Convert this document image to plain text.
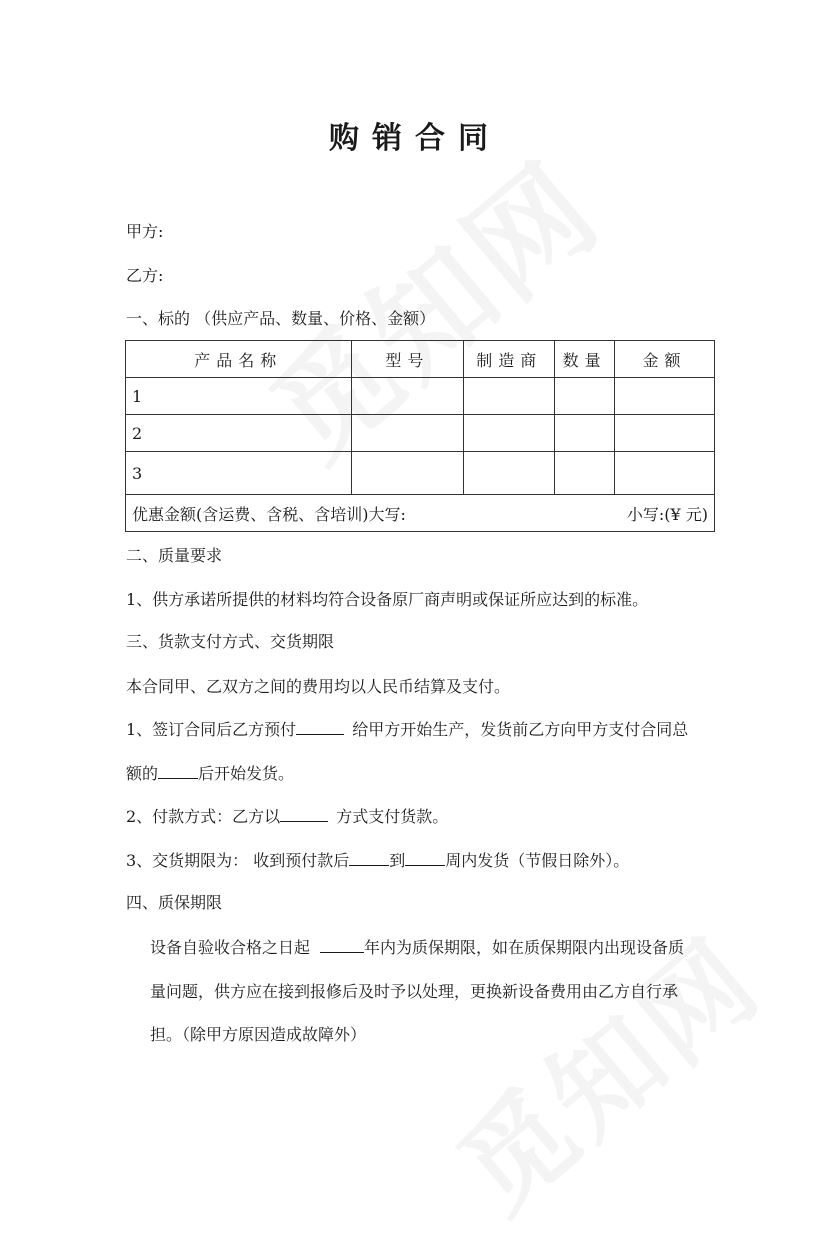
购销合同
甲方:
乙方:
一、标的 （供应产品、数量、价格、金额）
产品名称	型号	制造商	数量	金额
1				
2				
3				

优惠金额(含运费、含税、含培训)大写: 小写:(¥ 元)				
二、质量要求
1、供方承诺所提供的材料均符合设备原厂商声明或保证所应达到的标准。
三、货款支付方式、交货期限
本合同甲、乙双方之间的费用均以人民币结算及支付。
1、签订合同后乙方预付	给甲方开始生产，发货前乙方向甲方支付合同总
额的	后开始发货。
2、付款方式：乙方以	方式支付货款。
3、交货期限为： 收到预付款后	到	周内发货（节假日除外）。
四、质保期限
设备自验收合格之日起	年内为质保期限，如在质保期限内出现设备质
量问题，供方应在接到报修后及时予以处理，更换新设备费用由乙方自行承
担。（除甲方原因造成故障外）
